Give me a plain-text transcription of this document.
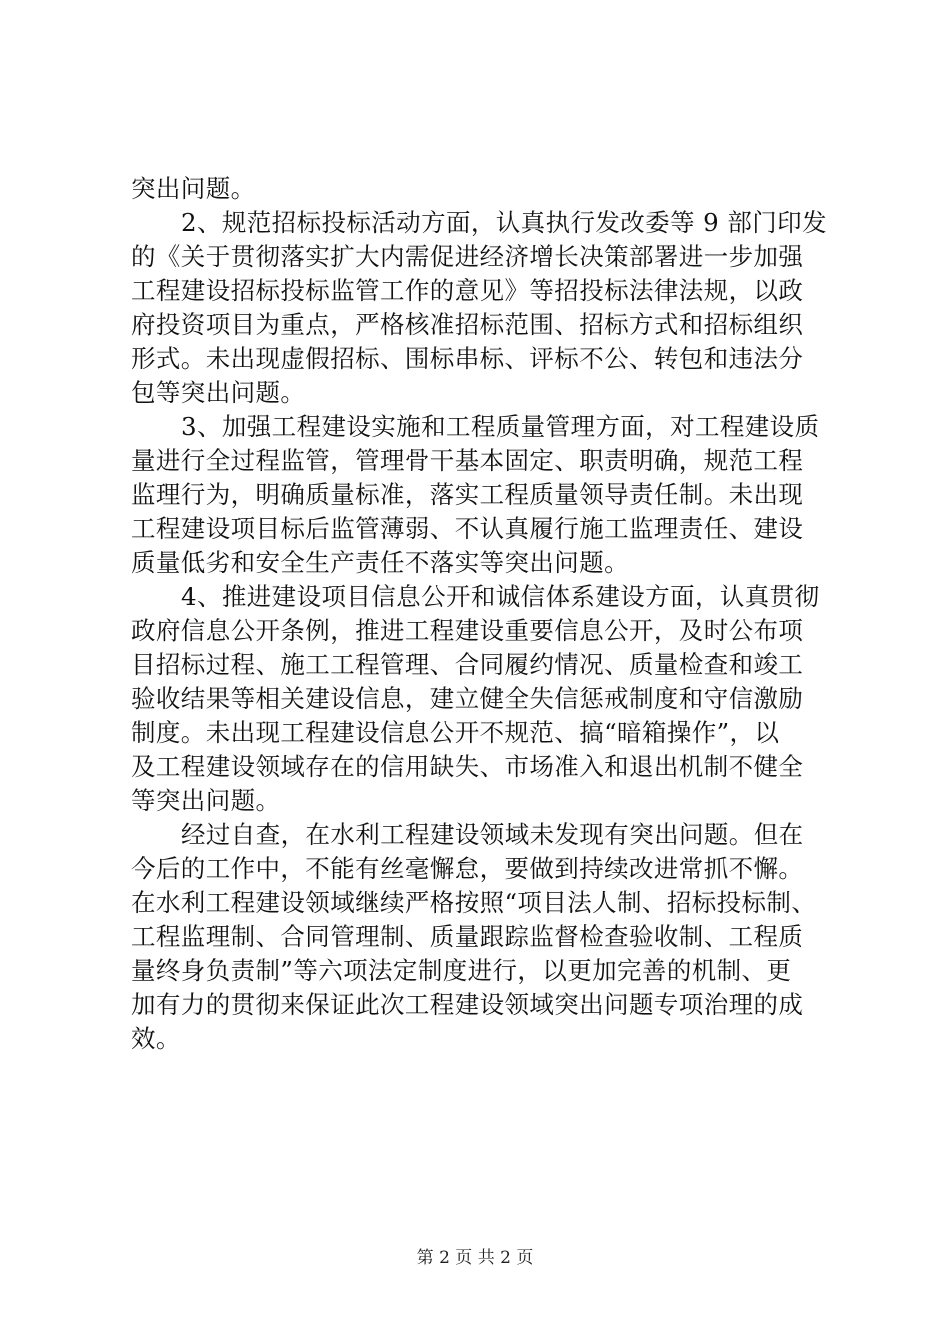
突出问题。
2、规范招标投标活动方面，认真执行发改委等 9 部门印发
的《关于贯彻落实扩大内需促进经济增长决策部署进一步加强
工程建设招标投标监管工作的意见》等招投标法律法规，以政
府投资项目为重点，严格核准招标范围、招标方式和招标组织
形式。未出现虚假招标、围标串标、评标不公、转包和违法分
包等突出问题。
3、加强工程建设实施和工程质量管理方面，对工程建设质
量进行全过程监管，管理骨干基本固定、职责明确，规范工程
监理行为，明确质量标准，落实工程质量领导责任制。未出现
工程建设项目标后监管薄弱、不认真履行施工监理责任、建设
质量低劣和安全生产责任不落实等突出问题。
4、推进建设项目信息公开和诚信体系建设方面，认真贯彻
政府信息公开条例，推进工程建设重要信息公开，及时公布项
目招标过程、施工工程管理、合同履约情况、质量检查和竣工
验收结果等相关建设信息，建立健全失信惩戒制度和守信激励
制度。未出现工程建设信息公开不规范、搞“暗箱操作”，以
及工程建设领域存在的信用缺失、市场准入和退出机制不健全
等突出问题。
经过自查，在水利工程建设领域未发现有突出问题。但在
今后的工作中，不能有丝毫懈怠，要做到持续改进常抓不懈。
在水利工程建设领域继续严格按照“项目法人制、招标投标制、
工程监理制、合同管理制、质量跟踪监督检查验收制、工程质
量终身负责制”等六项法定制度进行，以更加完善的机制、更
加有力的贯彻来保证此次工程建设领域突出问题专项治理的成
效。
第 2 页 共 2 页
